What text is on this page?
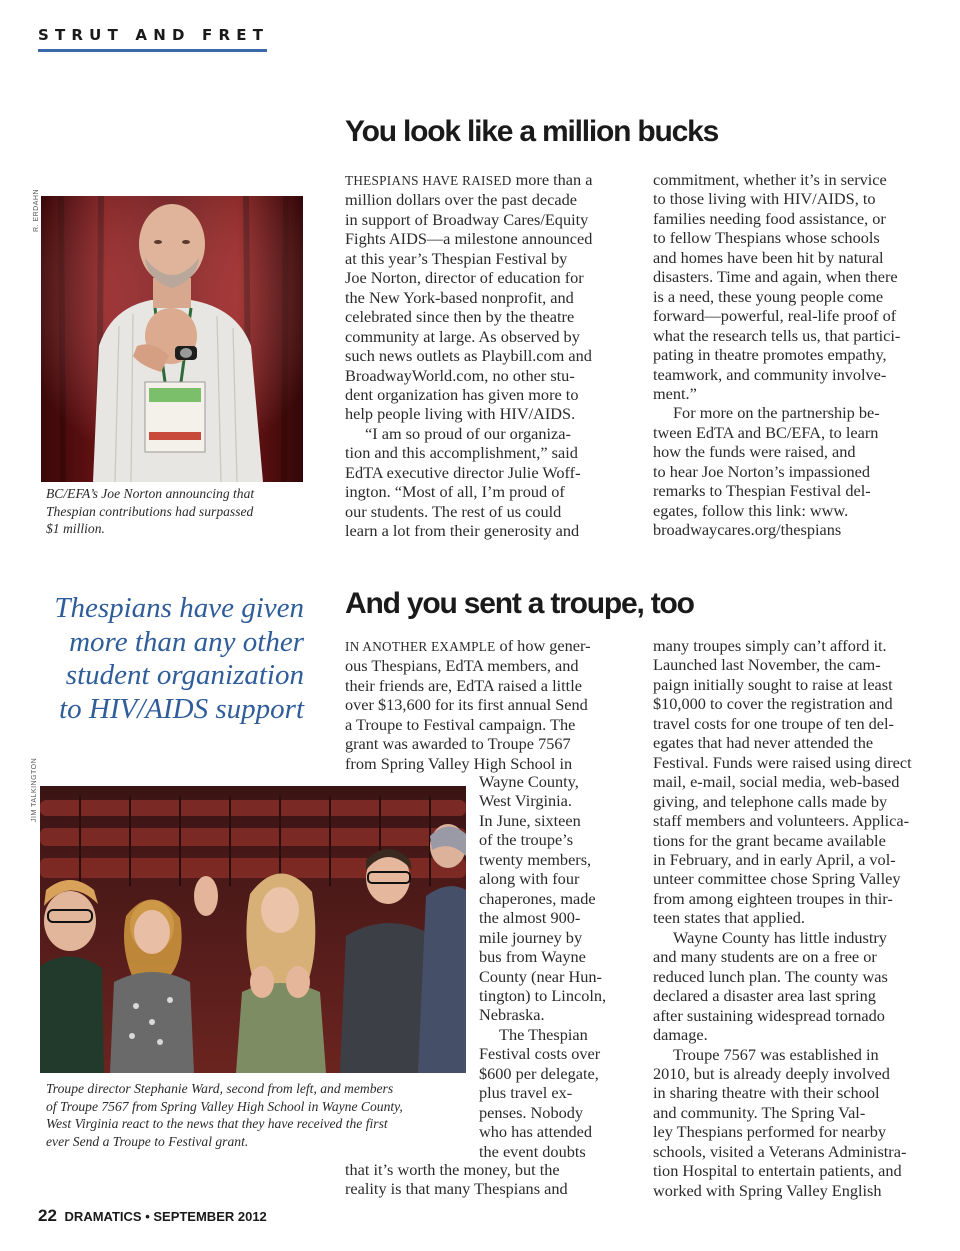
STRUT AND FRET
You look like a million bucks

THESPIANS HAVE RAISED more than a

million dollars over the past decade

in support of Broadway Cares/Equity

Fights AIDS—a milestone announced

at this year’s Thespian Festival by

Joe Norton, director of education for

the New York-based nonprofit, and

celebrated since then by the theatre

community at large. As observed by

such news outlets as Playbill.com and

BroadwayWorld.com, no other stu-

dent organization has given more to

help people living with HIV/AIDS.

“I am so proud of our organiza-

tion and this accomplishment,” said

EdTA executive director Julie Woff-

ington. “Most of all, I’m proud of

our students. The rest of us could

learn a lot from their generosity and

commitment, whether it’s in service

to those living with HIV/AIDS, to

families needing food assistance, or

to fellow Thespians whose schools

and homes have been hit by natural

disasters. Time and again, when there

is a need, these young people come

forward—powerful, real-life proof of

what the research tells us, that partici-

pating in theatre promotes empathy,

teamwork, and community involve-

ment.”

For more on the partnership be-

tween EdTA and BC/EFA, to learn

how the funds were raised, and

to hear Joe Norton’s impassioned

remarks to Thespian Festival del-

egates, follow this link: www.

broadwaycares.org/thespians

R. ERDAHN
BC/EFA’s Joe Norton announcing that
Thespian contributions had surpassed
$1 million.
Thespians have given
more than any other
student organization
to HIV/AIDS support
And you sent a troupe, too

IN ANOTHER EXAMPLE of how gener-

ous Thespians, EdTA members, and

their friends are, EdTA raised a little

over $13,600 for its first annual Send

a Troupe to Festival campaign. The

grant was awarded to Troupe 7567

from Spring Valley High School in

Wayne County,

West Virginia.

In June, sixteen

of the troupe’s

twenty members,

along with four

chaperones, made

the almost 900-

mile journey by

bus from Wayne

County (near Hun-

tington) to Lincoln,

Nebraska.

The Thespian

Festival costs over

$600 per delegate,

plus travel ex-

penses. Nobody

who has attended

the event doubts

that it’s worth the money, but the

reality is that many Thespians and

many troupes simply can’t afford it.

Launched last November, the cam-

paign initially sought to raise at least

$10,000 to cover the registration and

travel costs for one troupe of ten del-

egates that had never attended the

Festival. Funds were raised using direct

mail, e-mail, social media, web-based

giving, and telephone calls made by

staff members and volunteers. Applica-

tions for the grant became available

in February, and in early April, a vol-

unteer committee chose Spring Valley

from among eighteen troupes in thir-

teen states that applied.

Wayne County has little industry

and many students are on a free or

reduced lunch plan. The county was

declared a disaster area last spring

after sustaining widespread tornado

damage.

Troupe 7567 was established in

2010, but is already deeply involved

in sharing theatre with their school

and community. The Spring Val-

ley Thespians performed for nearby

schools, visited a Veterans Administra-

tion Hospital to entertain patients, and

worked with Spring Valley English

JIM TALKINGTON
Troupe director Stephanie Ward, second from left, and members
of Troupe 7567 from Spring Valley High School in Wayne County,
West Virginia react to the news that they have received the first
ever Send a Troupe to Festival grant.
22 DRAMATICS • SEPTEMBER 2012
